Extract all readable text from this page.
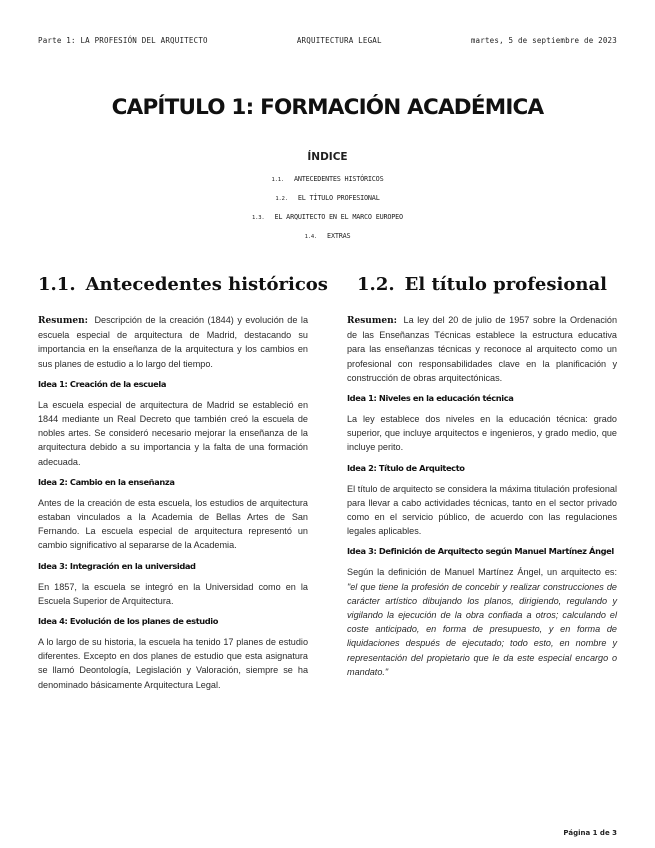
Parte 1: LA PROFESIÓN DEL ARQUITECTO	ARQUITECTURA LEGAL	martes, 5 de septiembre de 2023
CAPÍTULO 1: FORMACIÓN ACADÉMICA
ÍNDICE
1.1. ANTECEDENTES HISTÓRICOS
1.2. EL TÍTULO PROFESIONAL
1.3. EL ARQUITECTO EN EL MARCO EUROPEO
1.4. EXTRAS
1.1. Antecedentes históricos

Resumen: Descripción de la creación (1844) y evolución de la escuela especial de arquitectura de Madrid, destacando su importancia en la enseñanza de la arquitectura y los cambios en sus planes de estudio a lo largo del tiempo.

Idea 1: Creación de la escuela

La escuela especial de arquitectura de Madrid se estableció en 1844 mediante un Real Decreto que también creó la escuela de nobles artes. Se consideró necesario mejorar la enseñanza de la arquitectura debido a su importancia y la falta de una formación adecuada.

Idea 2: Cambio en la enseñanza

Antes de la creación de esta escuela, los estudios de arquitectura estaban vinculados a la Academia de Bellas Artes de San Fernando. La escuela especial de arquitectura representó un cambio significativo al separarse de la Academia.

Idea 3: Integración en la universidad

En 1857, la escuela se integró en la Universidad como en la Escuela Superior de Arquitectura.

Idea 4: Evolución de los planes de estudio

A lo largo de su historia, la escuela ha tenido 17 planes de estudio diferentes. Excepto en dos planes de estudio que esta asignatura se llamó Deontología, Legislación y Valoración, siempre se ha denominado básicamente Arquitectura Legal.

1.2. El título profesional

Resumen: La ley del 20 de julio de 1957 sobre la Ordenación de las Enseñanzas Técnicas establece la estructura educativa para las enseñanzas técnicas y reconoce al arquitecto como un profesional con responsabilidades clave en la planificación y construcción de obras arquitectónicas.

Idea 1: Niveles en la educación técnica

La ley establece dos niveles en la educación técnica: grado superior, que incluye arquitectos e ingenieros, y grado medio, que incluye perito.

Idea 2: Título de Arquitecto

El título de arquitecto se considera la máxima titulación profesional para llevar a cabo actividades técnicas, tanto en el sector privado como en el servicio público, de acuerdo con las regulaciones legales aplicables.

Idea 3: Definición de Arquitecto según Manuel Martínez Ángel

Según la definición de Manuel Martínez Ángel, un arquitecto es: "el que tiene la profesión de concebir y realizar construcciones de carácter artístico dibujando los planos, dirigiendo, regulando y vigilando la ejecución de la obra confiada a otros; calculando el coste anticipado, en forma de presupuesto, y en forma de liquidaciones después de ejecutado; todo esto, en nombre y representación del propietario que le da este especial encargo o mandato."

Página 1 de 3
